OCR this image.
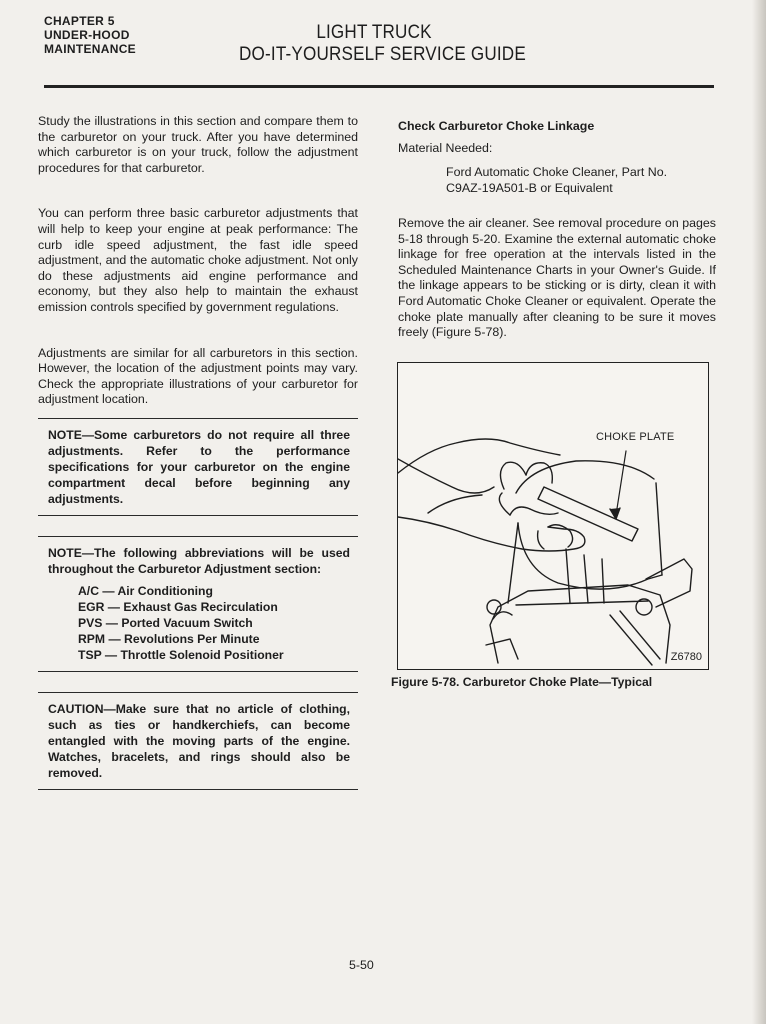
CHAPTER 5
UNDER-HOOD
MAINTENANCE
LIGHT TRUCK
DO-IT-YOURSELF SERVICE GUIDE

Study the illustrations in this section and compare them to the carburetor on your truck. After you have determined which carburetor is on your truck, follow the adjustment procedures for that carburetor.

You can perform three basic carburetor adjustments that will help to keep your engine at peak performance: The curb idle speed adjustment, the fast idle speed adjustment, and the automatic choke adjustment. Not only do these adjustments aid engine performance and economy, but they also help to maintain the exhaust emission controls specified by government regulations.

Adjustments are similar for all carburetors in this section. However, the location of the adjustment points may vary. Check the appropriate illustrations of your carburetor for adjustment location.

NOTE—Some carburetors do not require all three adjustments. Refer to the performance specifications for your carburetor on the engine compartment decal before beginning any adjustments.
NOTE—The following abbreviations will be used throughout the Carburetor Adjustment section:
A/C — Air Conditioning
EGR — Exhaust Gas Recirculation
PVS — Ported Vacuum Switch
RPM — Revolutions Per Minute
TSP — Throttle Solenoid Positioner
CAUTION—Make sure that no article of clothing, such as ties or handkerchiefs, can become entangled with the moving parts of the engine. Watches, bracelets, and rings should also be removed.
Check Carburetor Choke Linkage
Material Needed:
Ford Automatic Choke Cleaner, Part No.
C9AZ-19A501-B or Equivalent

Remove the air cleaner. See removal procedure on pages 5-18 through 5-20. Examine the external automatic choke linkage for free operation at the intervals listed in the Scheduled Maintenance Charts in your Owner's Guide. If the linkage appears to be sticking or is dirty, clean it with Ford Automatic Choke Cleaner or equivalent. Operate the choke plate manually after cleaning to be sure it moves freely (Figure 5-78).

CHOKE PLATE
Z6780
Figure 5-78. Carburetor Choke Plate—Typical
5-50
